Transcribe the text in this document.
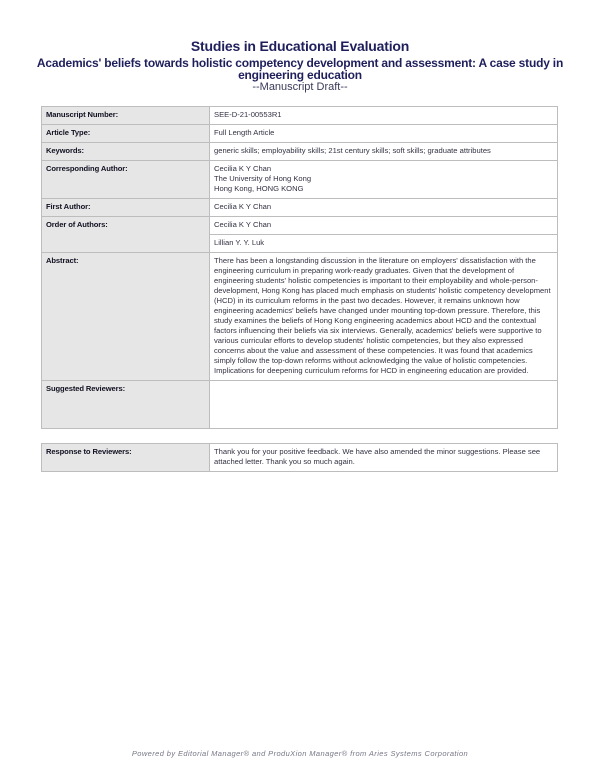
Studies in Educational Evaluation
Academics' beliefs towards holistic competency development and assessment: A case study in engineering education
--Manuscript Draft--
Manuscript Number:	SEE-D-21-00553R1
Article Type:	Full Length Article
Keywords:	generic skills; employability skills; 21st century skills; soft skills; graduate attributes
Corresponding Author:	Cecilia K Y Chan
The University of Hong Kong
Hong Kong, HONG KONG

First Author:	Cecilia K Y Chan
Order of Authors:	Cecilia K Y Chan
	Lillian Y. Y. Luk
Abstract:	There has been a longstanding discussion in the literature on employers' dissatisfaction with the engineering curriculum in preparing work-ready graduates. Given that the development of engineering students' holistic competencies is important to their employability and whole-person-development, Hong Kong has placed much emphasis on students' holistic competency development (HCD) in its curriculum reforms in the past two decades. However, it remains unknown how engineering academics' beliefs have changed under mounting top-down pressure. Therefore, this study examines the beliefs of Hong Kong engineering academics about HCD and the contextual factors influencing their beliefs via six interviews. Generally, academics' beliefs were supportive to various curricular efforts to develop students' holistic competencies, but they also expressed concerns about the value and assessment of these competencies. It was found that academics simply follow the top-down reforms without acknowledging the value of holistic competencies. Implications for deepening curriculum reforms for HCD in engineering education are provided.
Suggested Reviewers:	

Response to Reviewers:	Thank you for your positive feedback. We have also amended the minor suggestions. Please see attached letter. Thank you so much again.
Powered by Editorial Manager® and ProduXion Manager® from Aries Systems Corporation
